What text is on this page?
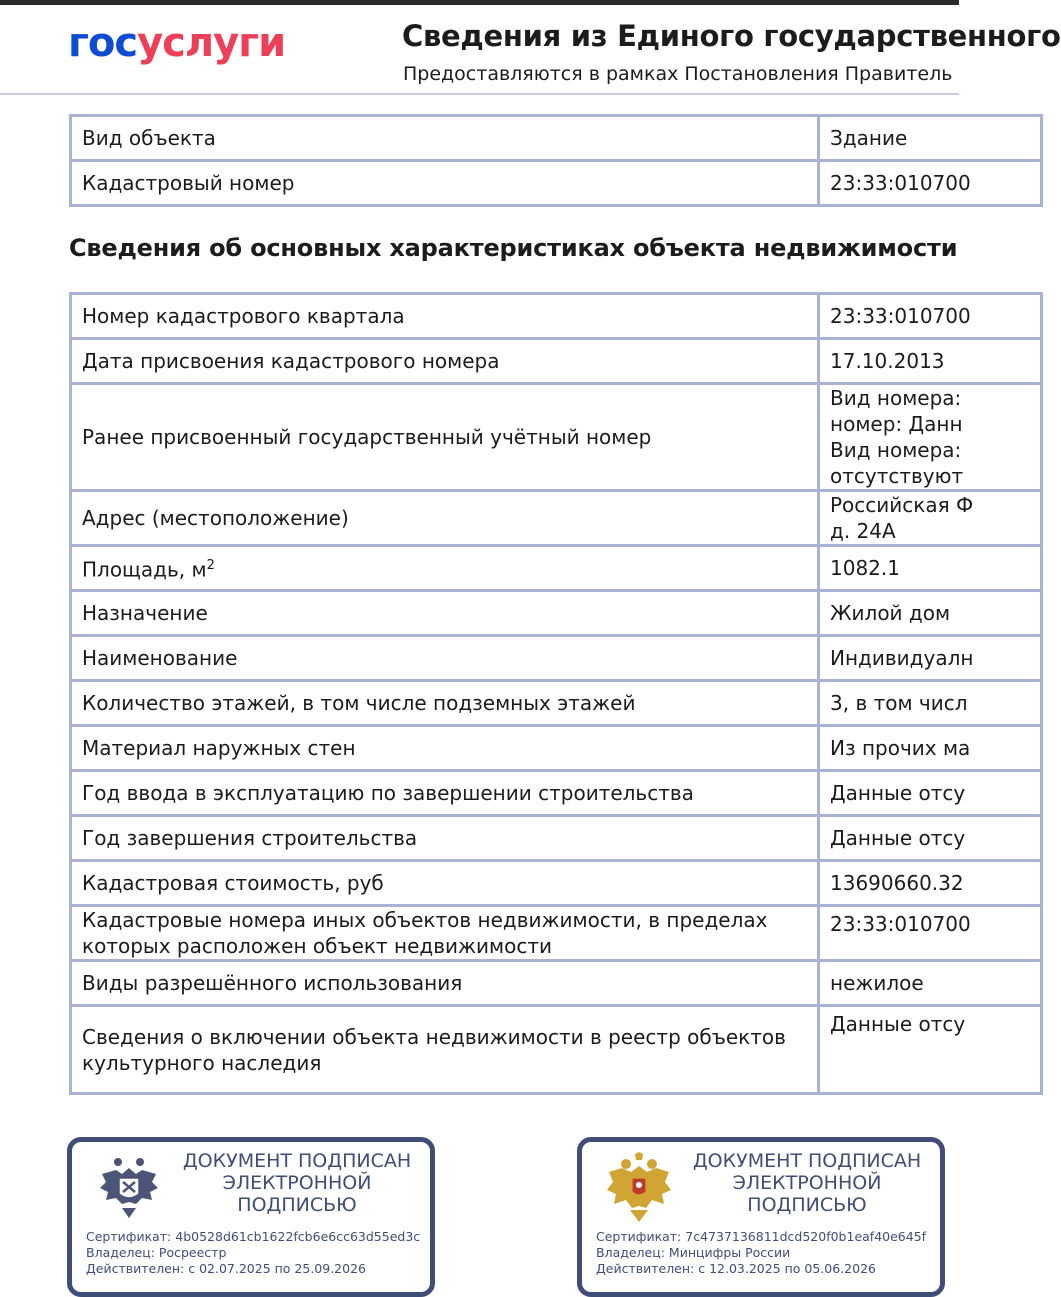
госуслуги	Сведения из Единого государственного
Предоставляются в рамках Постановления Правитель
Вид объекта	Здание
Кадастровый номер	23:33:010700
Сведения об основных характеристиках объекта недвижимости
Номер кадастрового квартала	23:33:010700
Дата присвоения кадастрового номера	17.10.2013
Ранее присвоенный государственный учётный номер	Вид номера:
номер: Данн
Вид номера:
отсутствуют

Адрес (местоположение)	Российская Ф
д. 24А

Площадь, $м^2$	1082.1
Назначение	Жилой дом
Наименование	Индивидуалн
Количество этажей, в том числе подземных этажей	3, в том числ
Материал наружных стен	Из прочих ма
Год ввода в эксплуатацию по завершении строительства	Данные отсу
Год завершения строительства	Данные отсу
Кадастровая стоимость, руб	13690660.32

Кадастровые номера иных объектов недвижимости, в пределах
которых расположен объект недвижимости	23:33:010700
Виды разрешённого использования	нежилое

Сведения о включении объекта недвижимости в реестр объектов
культурного наследия	Данные отсу
ДОКУМЕНТ ПОДПИСАН
ЭЛЕКТРОННОЙ
ПОДПИСЬЮ
Сертификат: 4b0528d61cb1622fcb6e6cc63d55ed3c
Владелец: Росреестр
Действителен: с 02.07.2025 по 25.09.2026
ДОКУМЕНТ ПОДПИСАН
ЭЛЕКТРОННОЙ
ПОДПИСЬЮ
Сертификат: 7c4737136811dcd520f0b1eaf40e645f
Владелец: Минцифры России
Действителен: с 12.03.2025 по 05.06.2026
